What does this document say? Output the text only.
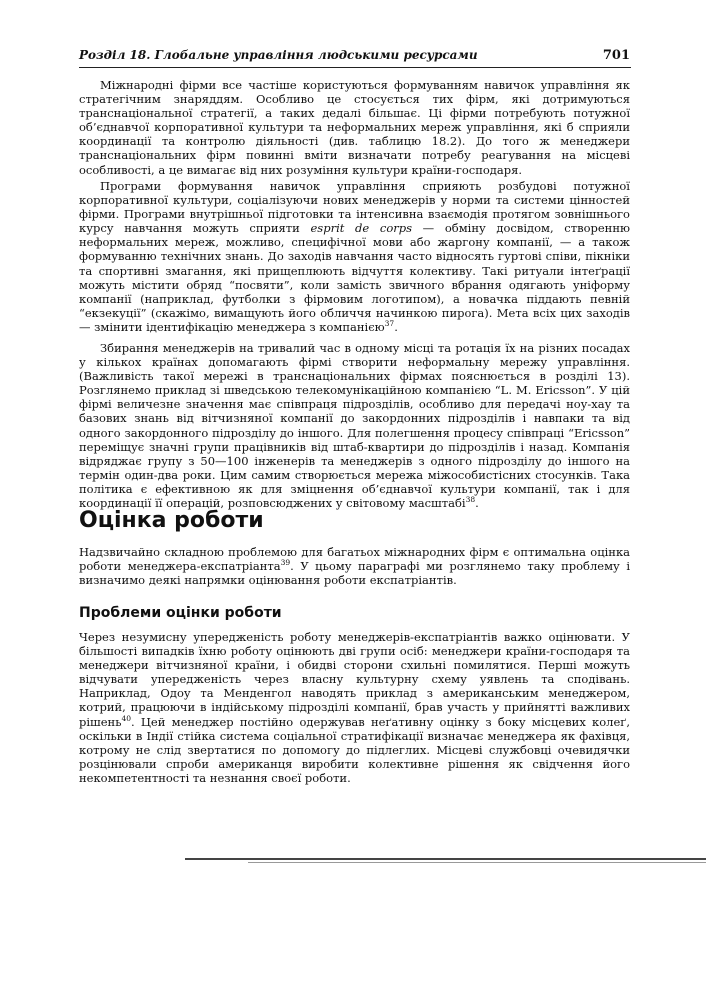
Розділ 18. Глобальне управління людськими ресурсами	701

Міжнародні фірми все частіше користуються формуванням навичок управління як стратегічним знаряддям. Особливо це стосується тих фірм, які дотримуються транснаціональної стратегії, а таких дедалі більшає. Ці фірми потребують потужної об’єднавчої корпоративної культури та неформальних мереж управління, які б сприяли координації та контролю діяльності (див. таблицю 18.2). До того ж менеджери транснаціональних фірм повинні вміти визначати потребу реагування на місцеві особливості, а це вимагає від них розуміння культури країни-господаря.

Програми формування навичок управління сприяють розбудові потужної корпоративної культури, соціалізуючи нових менеджерів у норми та системи цінностей фірми. Програми внутрішньої підготовки та інтенсивна взаємодія протягом зовнішнього курсу навчання можуть сприяти esprit de corps — обміну досвідом, створенню неформальних мереж, можливо, специфічної мови або жаргону компанії, — а також формуванню технічних знань. До заходів навчання часто відносять гуртові співи, пікніки та спортивні змагання, які прищеплюють відчуття колективу. Такі ритуали інтеґрації можуть містити обряд “посвяти”, коли замість звичного вбрання одягають уніформу компанії (наприклад, футболки з фірмовим логотипом), а новачка піддають певній “екзекуції” (скажімо, вимащують його обличчя начинкою пирога). Мета всіх цих заходів — змінити ідентифікацію менеджера з компанією$^{37}$.

Збирання менеджерів на тривалий час в одному місці та ротація їх на різних посадах у кількох країнах допомагають фірмі створити неформальну мережу управління. (Важливість такої мережі в транснаціональних фірмах пояснюється в розділі 13). Розглянемо приклад зі шведською телекомунікаційною компанією “L. M. Ericsson”. У цій фірмі величезне значення має співпраця підрозділів, особливо для передачі ноу-хау та базових знань від вітчизняної компанії до закордонних підрозділів і навпаки та від одного закордонного підрозділу до іншого. Для полегшення процесу співпраці “Ericsson” переміщує значні групи працівників від штаб-квартири до підрозділів і назад. Компанія відряджає групу з 50—100 інженерів та менеджерів з одного підрозділу до іншого на термін один-два роки. Цим самим створюється мережа міжособистісних стосунків. Така політика є ефективною як для зміцнення об’єднавчої культури компанії, так і для координації її операцій, розповсюджених у світовому масштабі$^{38}$.

Оцінка роботи

Надзвичайно складною проблемою для багатьох міжнародних фірм є оптимальна оцінка роботи менеджера-експатріанта$^{39}$. У цьому параграфі ми розглянемо таку проблему і визначимо деякі напрямки оцінювання роботи експатріантів.

Проблеми оцінки роботи

Через незумисну упередженість роботу менеджерів-експатріантів важко оцінювати. У більшості випадків їхню роботу оцінюють дві групи осіб: менеджери країни-господаря та менеджери вітчизняної країни, і обидві сторони схильні помилятися. Перші можуть відчувати упередженість через власну культурну схему уявлень та сподівань. Наприклад, Одоу та Менденгол наводять приклад з американським менеджером, котрий, працюючи в індійському підрозділі компанії, брав участь у прийнятті важливих рішень$^{40}$. Цей менеджер постійно одержував неґативну оцінку з боку місцевих колеґ, оскільки в Індії стійка система соціальної стратифікації визначає менеджера як фахівця, котрому не слід звертатися по допомогу до підлеглих. Місцеві службовці очевидячки розцінювали спроби американця виробити колективне рішення як свідчення його некомпетентності та незнання своєї роботи.
